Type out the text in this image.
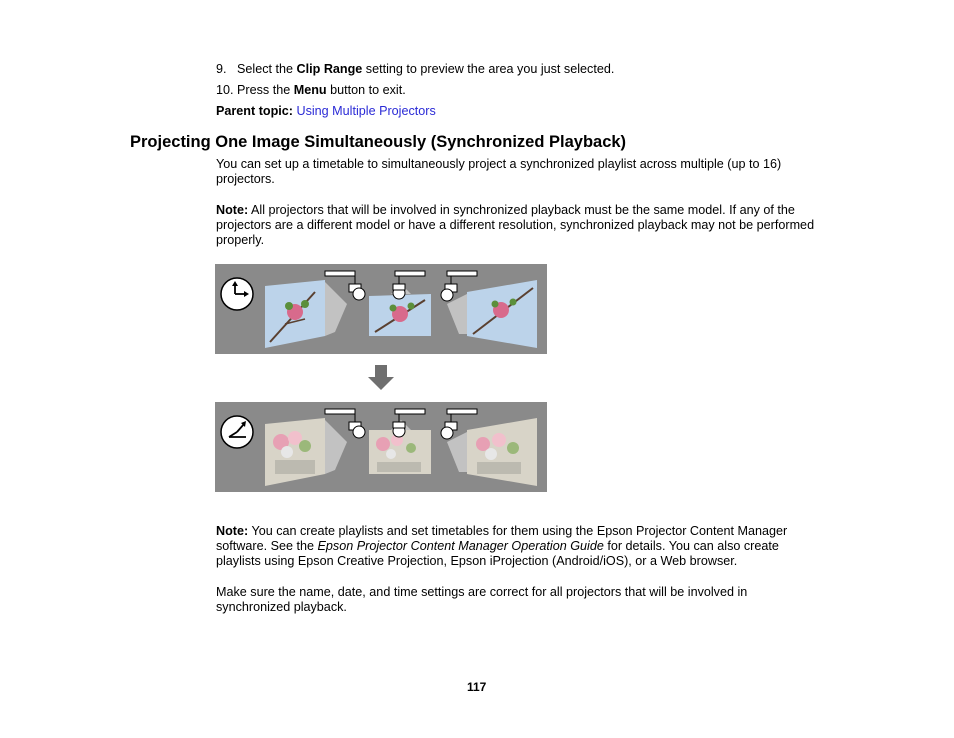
9. Select the Clip Range setting to preview the area you just selected.
10. Press the Menu button to exit.
Parent topic: Using Multiple Projectors
Projecting One Image Simultaneously (Synchronized Playback)
You can set up a timetable to simultaneously project a synchronized playlist across multiple (up to 16) projectors.
Note: All projectors that will be involved in synchronized playback must be the same model. If any of the projectors are a different model or have a different resolution, synchronized playback may not be performed properly.
Note: You can create playlists and set timetables for them using the Epson Projector Content Manager software. See the Epson Projector Content Manager Operation Guide for details. You can also create playlists using Epson Creative Projection, Epson iProjection (Android/iOS), or a Web browser.
Make sure the name, date, and time settings are correct for all projectors that will be involved in synchronized playback.
117
